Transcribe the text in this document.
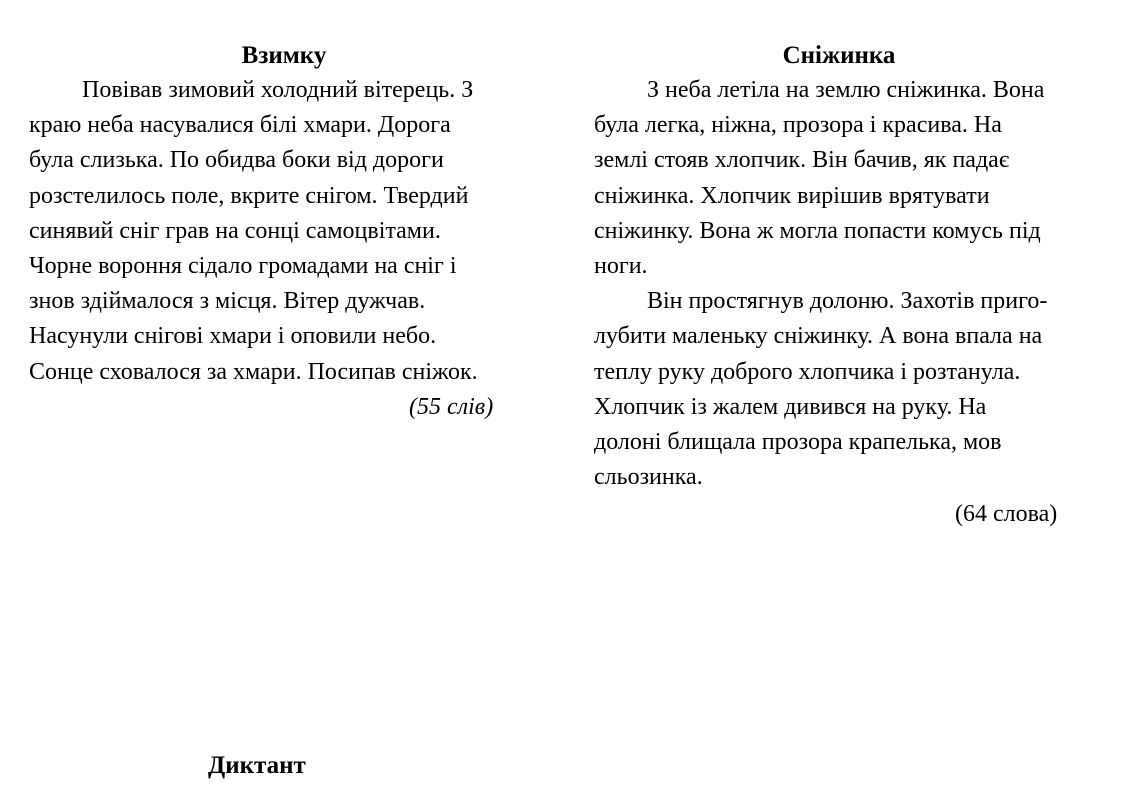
Взимку
Повівав зимовий холодний вітерець. З
краю неба насувалися білі хмари. Дорога
була слизька. По обидва боки від дороги
розстелилось поле, вкрите снігом. Твердий
синявий сніг грав на сонці самоцвітами.
Чорне вороння сідало громадами на сніг і
знов здіймалося з місця. Вітер дужчав.
Насунули снігові хмари і оповили небо.
Сонце сховалося за хмари. Посипав сніжок.
(55 слів)
Сніжинка
З неба летіла на землю сніжинка. Вона
була легка, ніжна, прозора і красива. На
землі стояв хлопчик. Він бачив, як падає
сніжинка. Хлопчик вирішив врятувати
сніжинку. Вона ж могла попасти комусь під
ноги.
Він простягнув долоню. Захотів приго-
лубити маленьку сніжинку. А вона впала на
теплу руку доброго хлопчика і розтанула.
Хлопчик із жалем дивився на руку. На
долоні блищала прозора крапелька, мов
сльозинка.
(64 слова)
Диктант
